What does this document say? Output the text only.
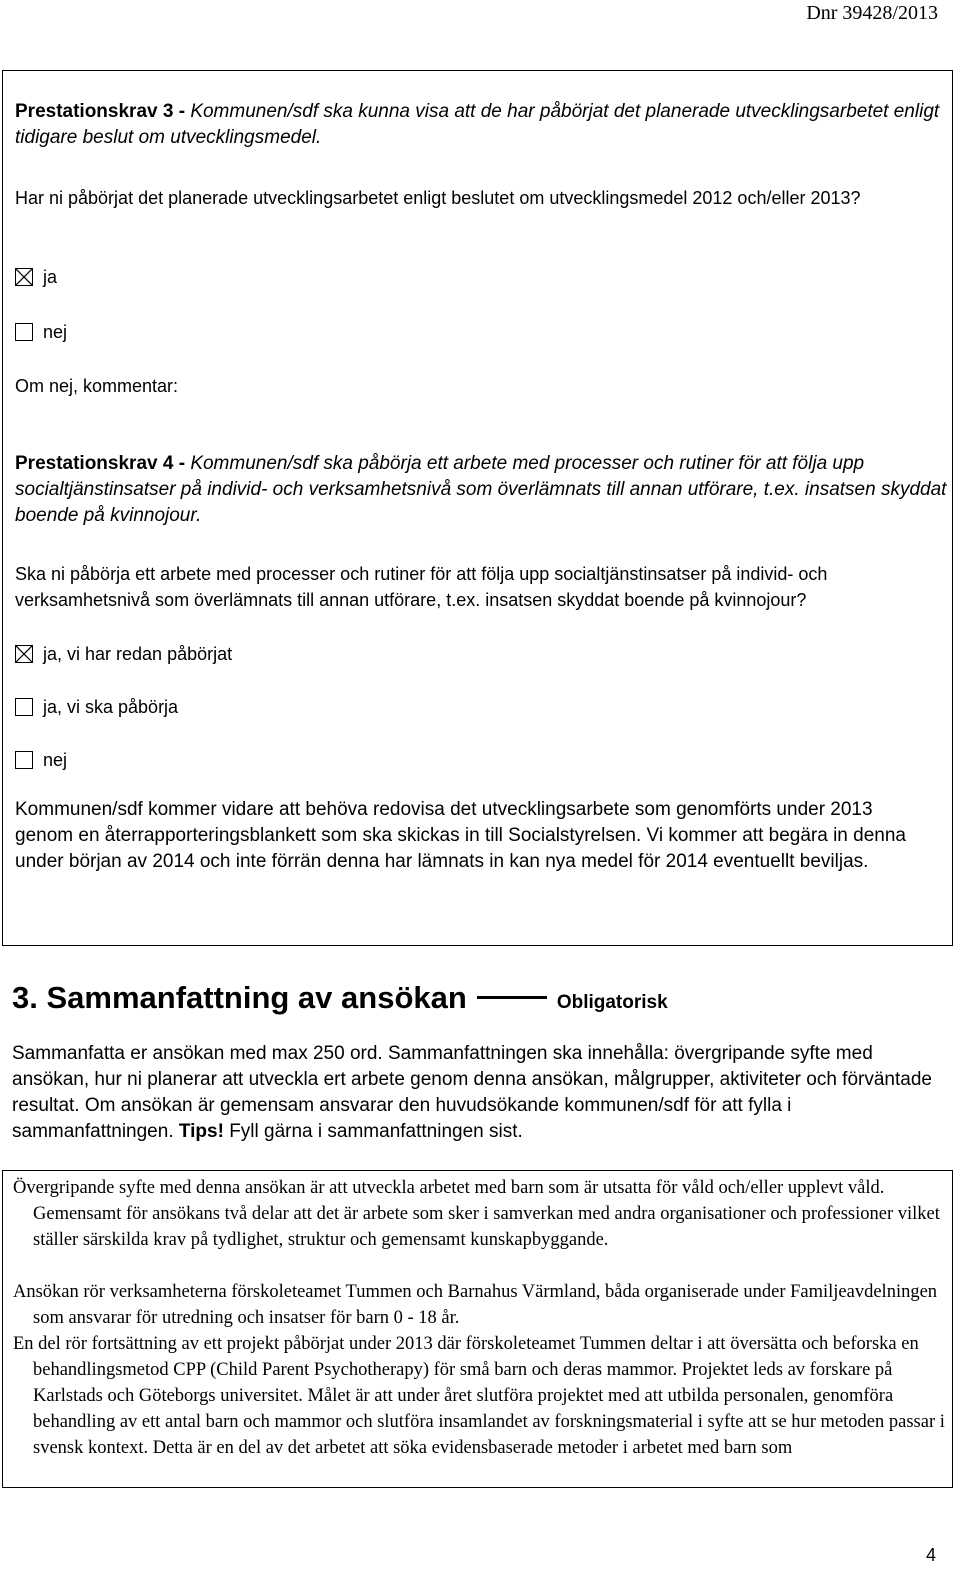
Dnr 39428/2013

Prestationskrav 3 - Kommunen/sdf ska kunna visa att de har påbörjat det planerade utvecklingsarbetet enligt tidigare beslut om utvecklingsmedel.

Har ni påbörjat det planerade utvecklingsarbetet enligt beslutet om utvecklingsmedel 2012 och/eller 2013?

ja
nej

Om nej, kommentar:

Prestationskrav 4 - Kommunen/sdf ska påbörja ett arbete med processer och rutiner för att följa upp socialtjänstinsatser på individ- och verksamhetsnivå som överlämnats till annan utförare, t.ex. insatsen skyddat boende på kvinnojour.

Ska ni påbörja ett arbete med processer och rutiner för att följa upp socialtjänstinsatser på individ- och verksamhetsnivå som överlämnats till annan utförare, t.ex. insatsen skyddat boende på kvinnojour?

ja, vi har redan påbörjat
ja, vi ska påbörja
nej

Kommunen/sdf kommer vidare att behöva redovisa det utvecklingsarbete som genomförts under 2013 genom en återrapporteringsblankett som ska skickas in till Socialstyrelsen. Vi kommer att begära in denna under början av 2014 och inte förrän denna har lämnats in kan nya medel för 2014 eventuellt beviljas.

3. Sammanfattning av ansökan	Obligatorisk

Sammanfatta er ansökan med max 250 ord. Sammanfattningen ska innehålla: övergripande syfte med ansökan, hur ni planerar att utveckla ert arbete genom denna ansökan, målgrupper, aktiviteter och förväntade resultat. Om ansökan är gemensam ansvarar den huvudsökande kommunen/sdf för att fylla i sammanfattningen. Tips! Fyll gärna i sammanfattningen sist.

Övergripande syfte med denna ansökan är att utveckla arbetet med barn som är utsatta för våld och/eller upplevt våld. Gemensamt för ansökans två delar att det är arbete som sker i samverkan med andra organisationer och professioner vilket ställer särskilda krav på tydlighet, struktur och gemensamt kunskapbyggande.

Ansökan rör verksamheterna förskoleteamet Tummen och Barnahus Värmland, båda organiserade under Familjeavdelningen som ansvarar för utredning och insatser för barn 0 - 18 år.

En del rör fortsättning av ett projekt påbörjat under 2013 där förskoleteamet Tummen deltar i att översätta och beforska en behandlingsmetod CPP (Child Parent Psychotherapy) för små barn och deras mammor. Projektet leds av forskare på Karlstads och Göteborgs universitet. Målet är att under året slutföra projektet med att utbilda personalen, genomföra behandling av ett antal barn och mammor och slutföra insamlandet av forskningsmaterial i syfte att se hur metoden passar i svensk kontext. Detta är en del av det arbetet att söka evidensbaserade metoder i arbetet med barn som

4
